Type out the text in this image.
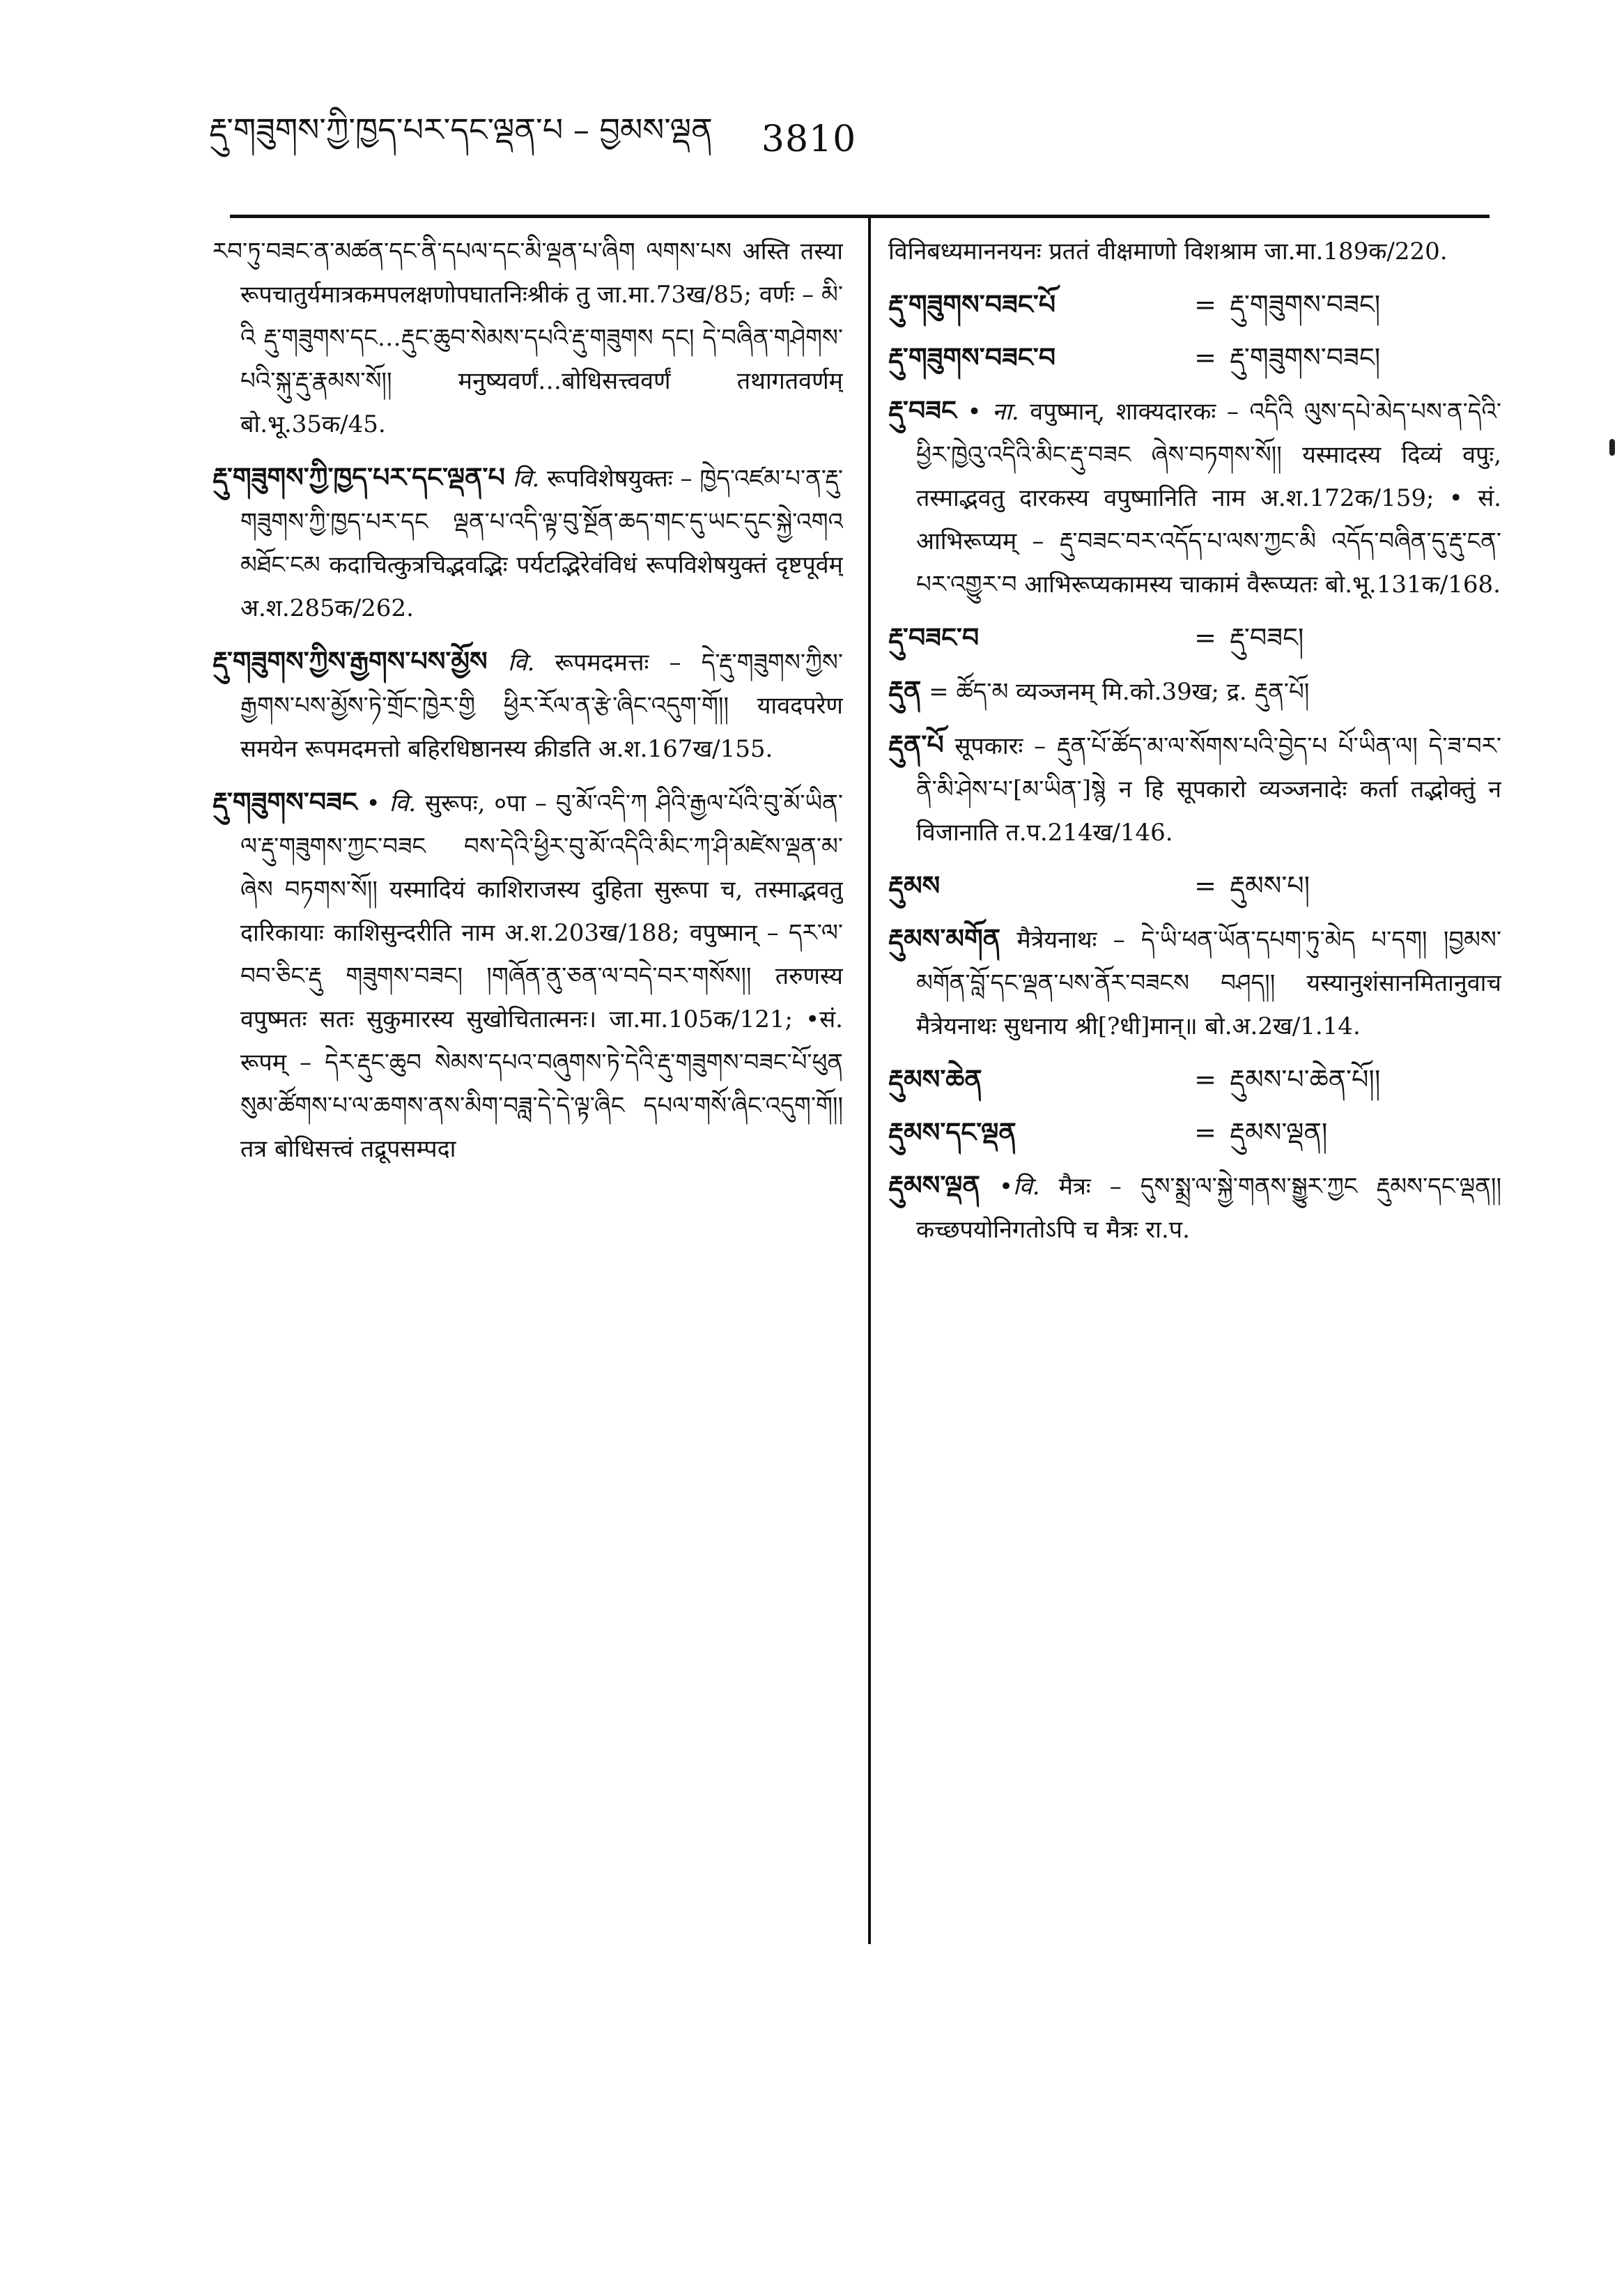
རྡུ་གཟུགས་ཀྱི་ཁྱད་པར་དང་ལྡན་པ – བྱམས་ལྡན 3810
རབ་ཏུ་བཟང་ན་མཚན་དང་ནི་དཔལ་དང་མི་ལྡན་པ་ཞིག ལགས་པས अस्ति तस्या रूपचातुर्यमात्रकमपलक्षणोपघातनिःश्रीकं तु जा.मा.73ख/85; वर्णः – མི་འི རྡུ་གཟུགས་དང…རྡུང་ཆུབ་སེམས་དཔའི་རྡུ་གཟུགས དང། དེ་བཞིན་གཤེགས་པའི་སྐུ་རྡུ་རྣམས་སོ།། मनुष्यवर्णं…बोधिसत्त्ववर्णं तथागतवर्णम् बो.भू.35क/45.
རྡུ་གཟུགས་ཀྱི་ཁྱད་པར་དང་ལྡན་པ वि. रूपविशेषयुक्तः – ཁྱེད་འཛམ་པ་ན་རྡུ་གཟུགས་ཀྱི་ཁྱད་པར་དང ལྡན་པ་འདི་ལྟ་བུ་སྔོན་ཆད་གང་དུ་ཡང་དུང་སྐྱེ་འགའ མཐོང་ངམ कदाचित्कुत्रचिद्भवद्भिः पर्यटद्भिरेवंविधं रूपविशेषयुक्तं दृष्टपूर्वम् अ.श.285क/262.
རྡུ་གཟུགས་ཀྱིས་རྒྱགས་པས་མྱོས वि. रूपमदमत्तः – དེ་རྡུ་གཟུགས་ཀྱིས་རྒྱགས་པས་མྱོས་ཏེ་གྲོང་ཁྱེར་གྱི ཕྱིར་རོལ་ན་རྩེ་ཞིང་འདུག་གོ།། यावदपरेण समयेन रूपमदमत्तो बहिरधिष्ठानस्य क्रीडति अ.श.167ख/155.
རྡུ་གཟུགས་བཟང • वि. सुरूपः, ०पा – བུ་མོ་འདི་ཀ ཤིའི་རྒྱལ་པོའི་བུ་མོ་ཡིན་ལ་རྡུ་གཟུགས་ཀྱང་བཟང བས་དེའི་ཕྱིར་བུ་མོ་འདིའི་མིང་ཀ་ཤི་མཛེས་ལྡན་མ་ཞེས བཏགས་སོ།། यस्मादियं काशिराजस्य दुहिता सुरूपा च, तस्माद्भवतु दारिकायाः काशिसुन्दरीति नाम अ.श.203ख/188; वपुष्मान् – དར་ལ་བབ་ཅིང་རྡུ གཟུགས་བཟང། །གཞོན་ནུ་ཅན་ལ་བདེ་བར་གསོས།། तरुणस्य वपुष्मतः सतः सुकुमारस्य सुखोचितात्मनः। जा.मा.105क/121; •सं. रूपम् – དེར་རྡུང་ཆུབ སེམས་དཔའ་བཞུགས་ཏེ་དེའི་རྡུ་གཟུགས་བཟང་པོ་ཕུན སུམ་ཚོགས་པ་ལ་ཆགས་ནས་མིག་བཟླ་དེ་དེ་ལྟ་ཞིང དཔལ་གསོ་ཞིང་འདུག་གོ།། तत्र बोधिसत्त्वं तद्रूपसम्पदा
विनिबध्यमाननयनः प्रततं वीक्षमाणो विशश्राम जा.मा.189क/220.
རྡུ་གཟུགས་བཟང་པོ	= རྡུ་གཟུགས་བཟང།
རྡུ་གཟུགས་བཟང་བ	= རྡུ་གཟུགས་བཟང།
རྡུ་བཟང • ना. वपुष्मान्, शाक्यदारकः – འདིའི ལུས་དཔེ་མེད་པས་ན་དེའི་ཕྱིར་ཁྱེའུ་འདིའི་མིང་རྡུ་བཟང ཞེས་བཏགས་སོ།། यस्मादस्य दिव्यं वपुः, तस्माद्भवतु दारकस्य वपुष्मानिति नाम अ.श.172क/159; • सं. आभिरूप्यम् – རྡུ་བཟང་བར་འདོད་པ་ལས་ཀྱང་མི འདོད་བཞིན་དུ་རྡུ་ངན་པར་འགྱུར་བ आभिरूप्यकामस्य चाकामं वैरूप्यतः बो.भू.131क/168.
རྡུ་བཟང་བ	= རྡུ་བཟང།
རྡུན = ཚོད་མ व्यञ्जनम् मि.को.39ख; द्र. རྡུན་པོ།
རྡུན་པོ सूपकारः – རྡུན་པོ་ཚོད་མ་ལ་སོགས་པའི་བྱེད་པ པོ་ཡིན་ལ། དེ་ཟ་བར་ནི་མི་ཤེས་པ་[མ་ཡིན་]སྙེ न हि सूपकारो व्यञ्जनादेः कर्ता तद्भोक्तुं न विजानाति त.प.214ख/146.
རྡུམས	= རྡུམས་པ།
རྡུམས་མགོན मैत्रेयनाथः – དེ་ཡི་ཕན་ཡོན་དཔག་ཏུ་མེད པ་དག། །བྱམས་མགོན་བློ་དང་ལྡན་པས་ནོར་བཟངས བཤད།། यस्यानुशंसानमितानुवाच मैत्रेयनाथः सुधनाय श्री[?धी]मान्॥ बो.अ.2ख/1.14.
རྡུམས་ཆེན	= རྡུམས་པ་ཆེན་པོ།།
རྡུམས་དང་ལྡན	= རྡུམས་ལྡན།
རྡུམས་ལྡན •वि. मैत्रः – དུས་སྨྲ་ལ་སྐྱེ་གནས་སྒྱུར་ཀྱང རྡུམས་དང་ལྡན།། कच्छपयोनिगतोऽपि च मैत्रः रा.प.
